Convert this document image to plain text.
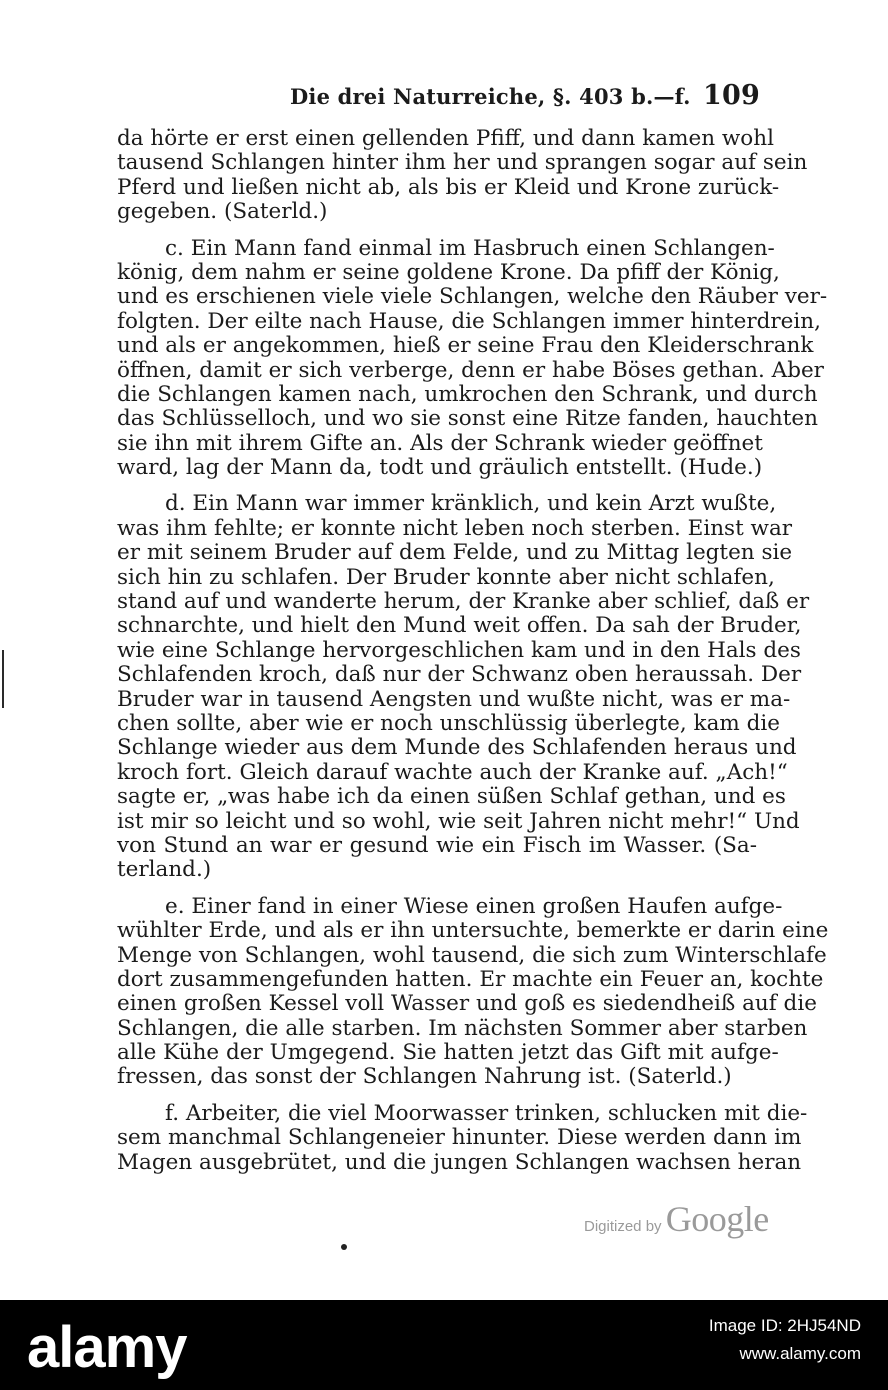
Die drei Naturreiche, §. 403 b.—f. 109
da hörte er erst einen gellenden Pfiff, und dann kamen wohl
tausend Schlangen hinter ihm her und sprangen sogar auf sein
Pferd und ließen nicht ab, als bis er Kleid und Krone zurück-
gegeben. (Saterld.)
c. Ein Mann fand einmal im Hasbruch einen Schlangen-
könig, dem nahm er seine goldene Krone. Da pfiff der König,
und es erschienen viele viele Schlangen, welche den Räuber ver-
folgten. Der eilte nach Hause, die Schlangen immer hinterdrein,
und als er angekommen, hieß er seine Frau den Kleiderschrank
öffnen, damit er sich verberge, denn er habe Böses gethan. Aber
die Schlangen kamen nach, umkrochen den Schrank, und durch
das Schlüsselloch, und wo sie sonst eine Ritze fanden, hauchten
sie ihn mit ihrem Gifte an. Als der Schrank wieder geöffnet
ward, lag der Mann da, todt und gräulich entstellt. (Hude.)
d. Ein Mann war immer kränklich, und kein Arzt wußte,
was ihm fehlte; er konnte nicht leben noch sterben. Einst war
er mit seinem Bruder auf dem Felde, und zu Mittag legten sie
sich hin zu schlafen. Der Bruder konnte aber nicht schlafen,
stand auf und wanderte herum, der Kranke aber schlief, daß er
schnarchte, und hielt den Mund weit offen. Da sah der Bruder,
wie eine Schlange hervorgeschlichen kam und in den Hals des
Schlafenden kroch, daß nur der Schwanz oben heraussah. Der
Bruder war in tausend Aengsten und wußte nicht, was er ma-
chen sollte, aber wie er noch unschlüssig überlegte, kam die
Schlange wieder aus dem Munde des Schlafenden heraus und
kroch fort. Gleich darauf wachte auch der Kranke auf. „Ach!“
sagte er, „was habe ich da einen süßen Schlaf gethan, und es
ist mir so leicht und so wohl, wie seit Jahren nicht mehr!“ Und
von Stund an war er gesund wie ein Fisch im Wasser. (Sa-
terland.)
e. Einer fand in einer Wiese einen großen Haufen aufge-
wühlter Erde, und als er ihn untersuchte, bemerkte er darin eine
Menge von Schlangen, wohl tausend, die sich zum Winterschlafe
dort zusammengefunden hatten. Er machte ein Feuer an, kochte
einen großen Kessel voll Wasser und goß es siedendheiß auf die
Schlangen, die alle starben. Im nächsten Sommer aber starben
alle Kühe der Umgegend. Sie hatten jetzt das Gift mit aufge-
fressen, das sonst der Schlangen Nahrung ist. (Saterld.)
f. Arbeiter, die viel Moorwasser trinken, schlucken mit die-
sem manchmal Schlangeneier hinunter. Diese werden dann im
Magen ausgebrütet, und die jungen Schlangen wachsen heran
Digitized by Google
alamy	Image ID: 2HJ54ND
www.alamy.com
